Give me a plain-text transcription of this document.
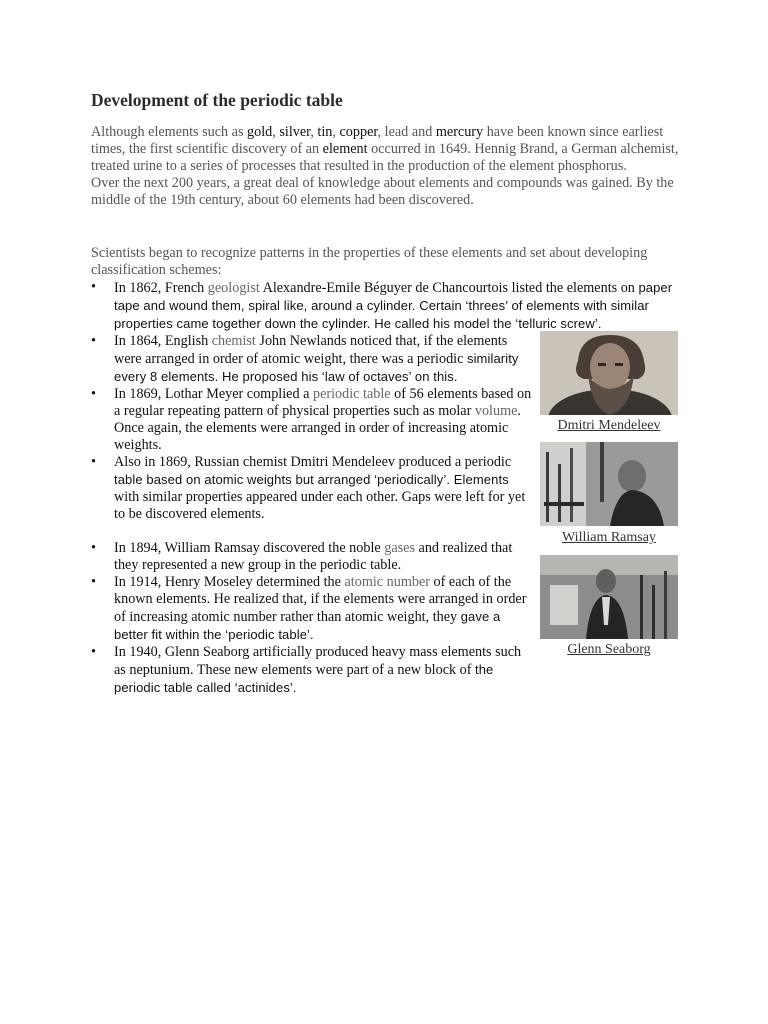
Development of the periodic table

Although elements such as gold, silver, tin, copper, lead and mercury have been known since earliest times, the first scientific discovery of an element occurred in 1649. Hennig Brand, a German alchemist, treated urine to a series of processes that resulted in the production of the element phosphorus.

Over the next 200 years, a great deal of knowledge about elements and compounds was gained. By the middle of the 19th century, about 60 elements had been discovered.

Scientists began to recognize patterns in the properties of these elements and set about developing classification schemes:

• In 1862, French geologist Alexandre-Emile Béguyer de Chancourtois listed the elements on paper tape and wound them, spiral like, around a cylinder. Certain ‘threes’ of elements with similar properties came together down the cylinder. He called his model the ‘telluric screw’.
• In 1864, English chemist John Newlands noticed that, if the elements were arranged in order of atomic weight, there was a periodic similarity every 8 elements. He proposed his ‘law of octaves’ on this.
• In 1869, Lothar Meyer complied a periodic table of 56 elements based on a regular repeating pattern of physical properties such as molar volume. Once again, the elements were arranged in order of increasing atomic weights.
• Also in 1869, Russian chemist Dmitri Mendeleev produced a periodic table based on atomic weights but arranged ‘periodically’. Elements with similar properties appeared under each other. Gaps were left for yet to be discovered elements.
• In 1894, William Ramsay discovered the noble gases and realized that they represented a new group in the periodic table.
• In 1914, Henry Moseley determined the atomic number of each of the known elements. He realized that, if the elements were arranged in order of increasing atomic number rather than atomic weight, they gave a better fit within the ‘periodic table’.
• In 1940, Glenn Seaborg artificially produced heavy mass elements such as neptunium. These new elements were part of a new block of the periodic table called ‘actinides’.
Dmitri Mendeleev
William Ramsay
Glenn Seaborg
